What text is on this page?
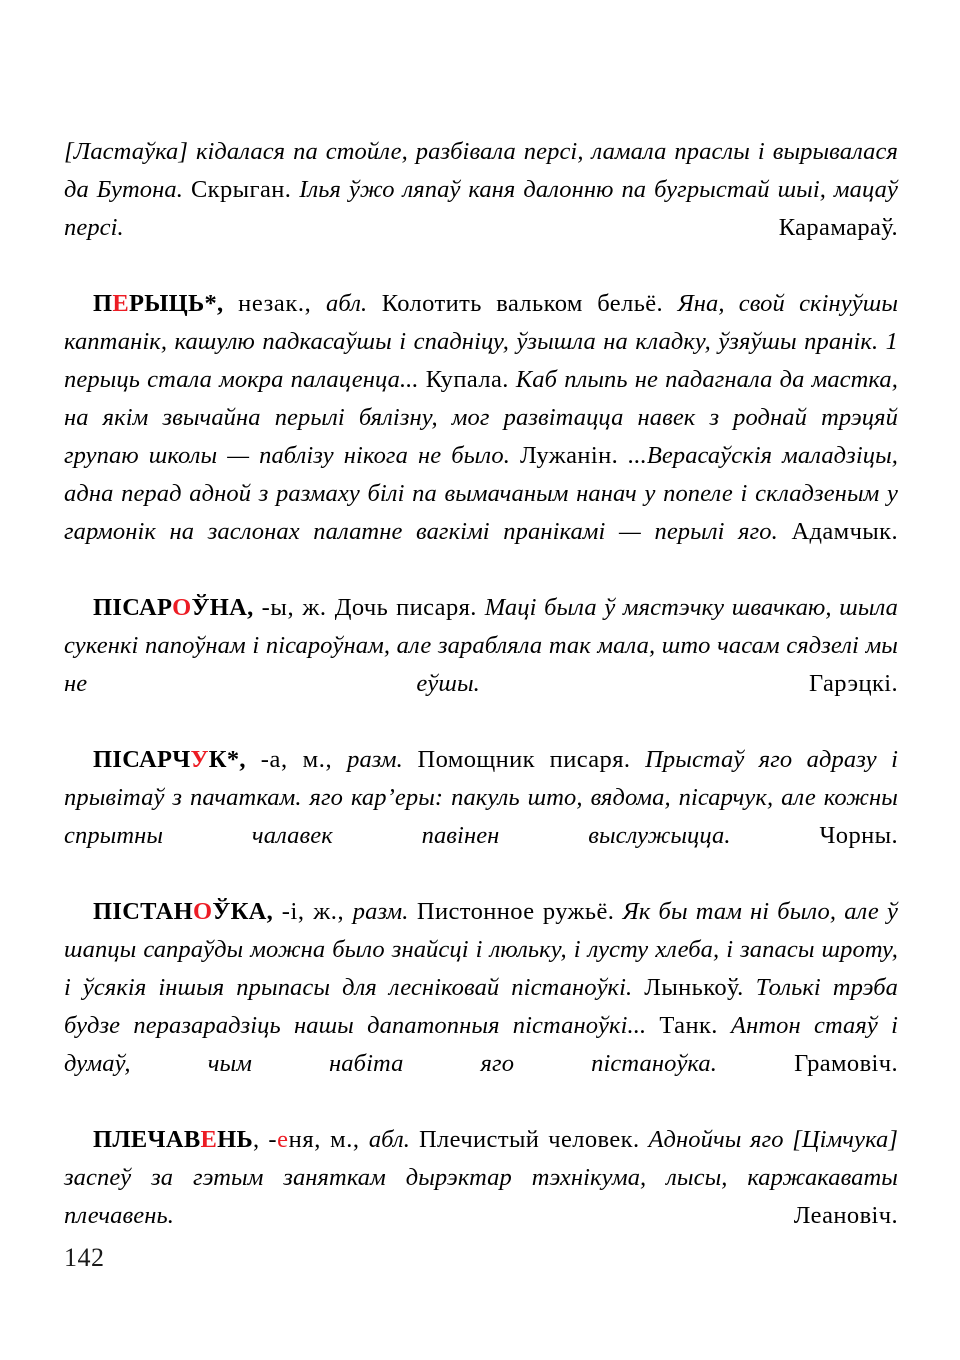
[Ластаўка] кідалася па стойле, разбівала персі, ламала праслы і вырывалася да Бутона. Скрыган. Ілья ўжо ляпаў каня далонню па бугрыстай шыі, мацаў персі.	Карамараў.

ПЕРЫЦЬ*, незак., абл. Колотить вальком бельё. Яна, свой скінуўшы каптанік, кашулю падкасаўшы і спадніцу, ўзышла на кладку, ўзяўшы пранік. 1 перыць стала мокра палаценца... Купала. Каб плыпь не падагнала да мастка, на якім звычайна перылі бялізну, мог развітацца навек з роднай трэцяй групаю школы — паблізу нікога не было. Лужанін. ...Верасаўскія маладзіцы, адна перад адной з размаху білі па вымачаным нанач у попеле і складзеным у гармонік на заслонах палатне вагкімі пранікамі — перылі яго. Адамчык.

ПІСАРОЎНА, -ы, ж. Дочь писаря. Маці была ў мястэчку швачкаю, шыла сукенкі папоўнам і пісароўнам, але зарабляла так мала, што часам сядзелі мы не еўшы.	Гарэцкі.

ПІСАРЧУК*, -а, м., разм. Помощник писаря. Прыстаў яго адразу і прывітаў з пачаткам. яго кар’еры: пакуль што, вядома, пісарчук, але кожны спрытны чалавек павінен выслужыцца.	Чорны.

ПІСТАНОЎКА, -і, ж., разм. Пистонное ружьё. Як бы там ні было, але ў шапцы сапраўды можна было знайсці і люльку, і лусту хлеба, і запасы шроту, і ўсякія іншыя прыпасы для лесніковай пістаноўкі. Лынькоў. Толькі трэба будзе перазарадзіць нашы дапатопныя пістаноўкі... Танк. Антон стаяў і думаў, чым набіта яго пістаноўка.	Грамовіч.

ПЛЕЧАВЕНЬ, -еня, м., абл. Плечистый человек. Аднойчы яго [Цімчука] заспеў за гэтым заняткам дырэктар тэхнікума, лысы, каржакаваты плечавень.	Леановіч.

142
